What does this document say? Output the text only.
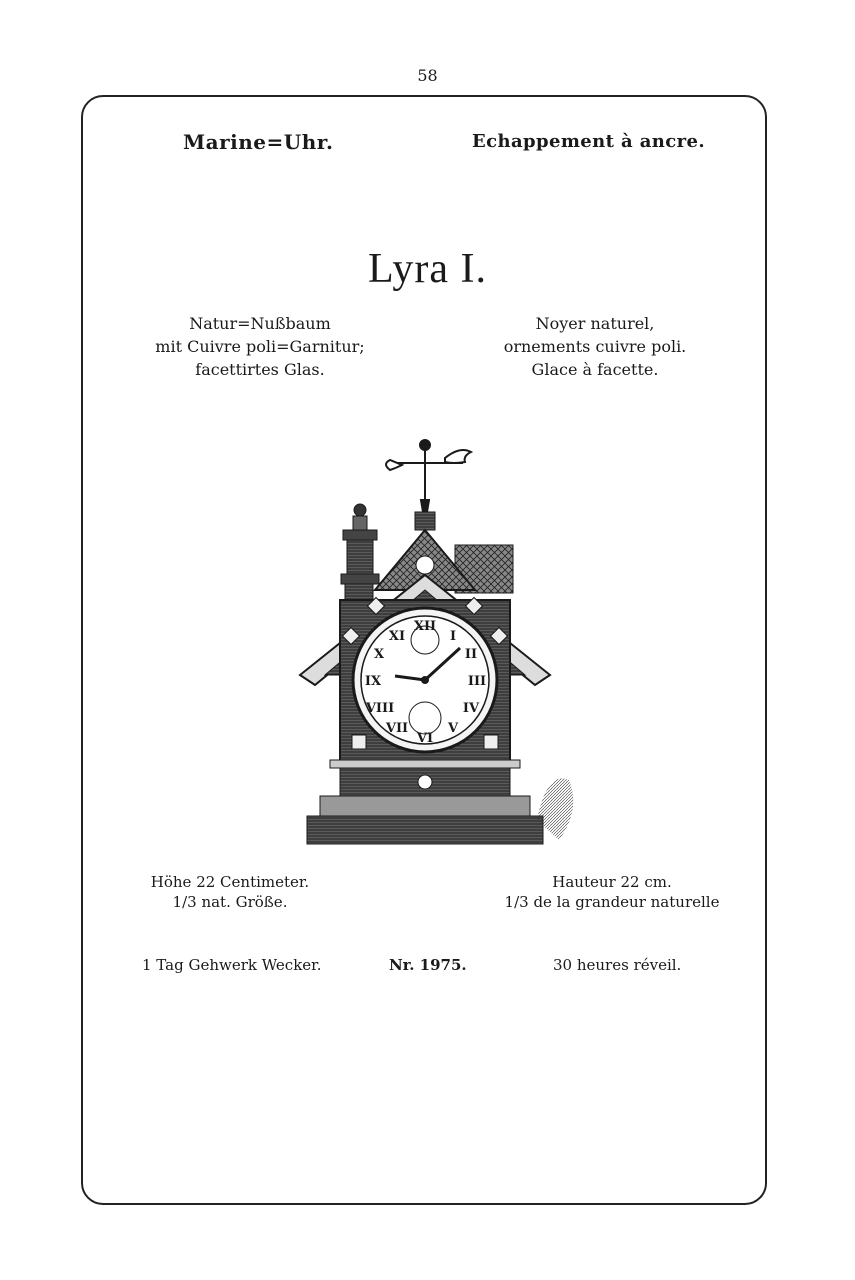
58
Marine=Uhr.	Echappement à ancre.
Lyra I.
Natur=Nußbaum
mit Cuivre poli=Garnitur;
facettirtes Glas.
Noyer naturel,
ornements cuivre poli.
Glace à facette.
XII
I
II
III
IV
V
VI
VII
VIII
IX
X
XI
Höhe 22 Centimeter.
1/3 nat. Größe.
Hauteur 22 cm.
1/3 de la grandeur naturelle
1 Tag Gehwerk Wecker.	Nr. 1975.	30 heures réveil.
